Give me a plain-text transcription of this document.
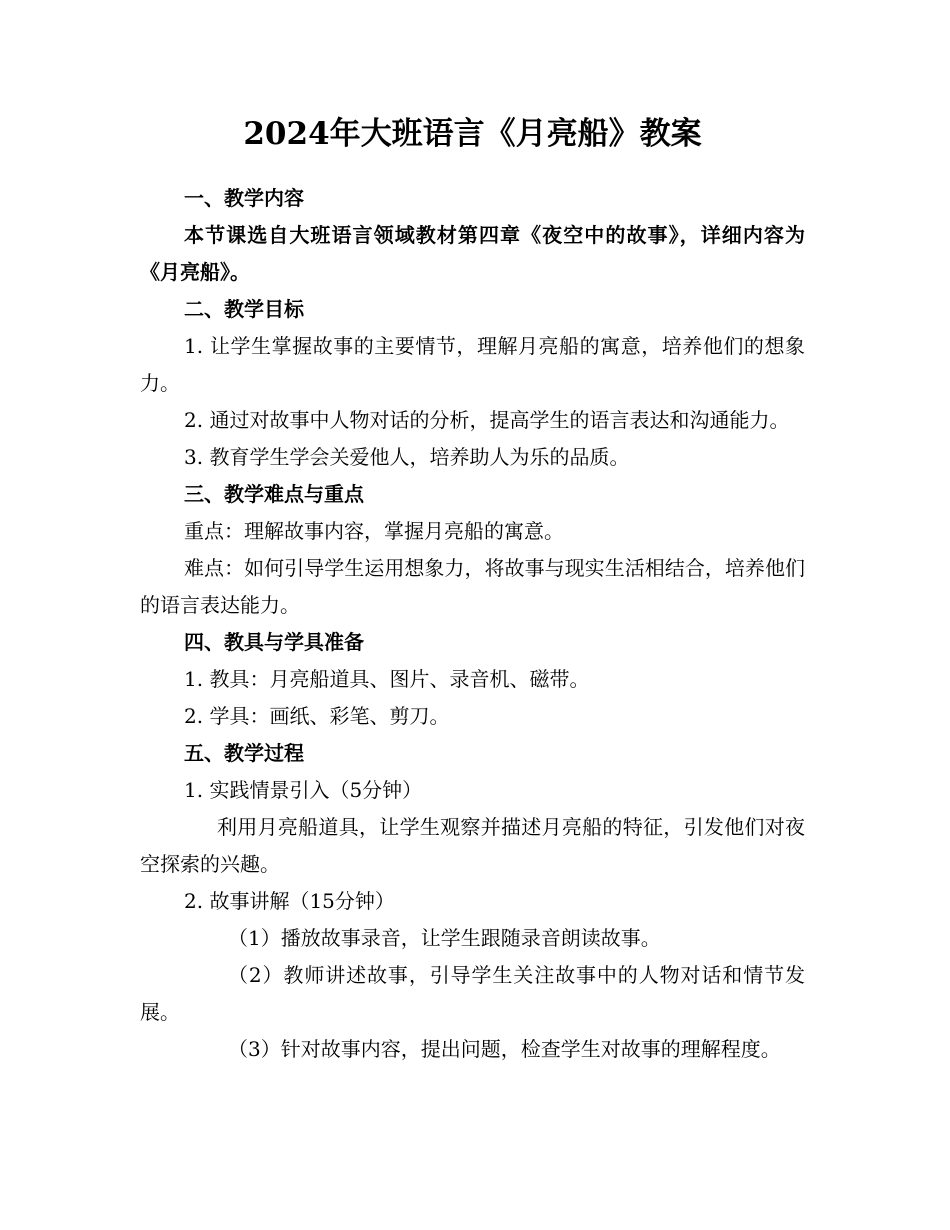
2024年大班语言《月亮船》教案

一、教学内容

本节课选自大班语言领域教材第四章《夜空中的故事》，详细内容为《月亮船》。

二、教学目标

1. 让学生掌握故事的主要情节，理解月亮船的寓意，培养他们的想象力。

2. 通过对故事中人物对话的分析，提高学生的语言表达和沟通能力。

3. 教育学生学会关爱他人，培养助人为乐的品质。

三、教学难点与重点

重点：理解故事内容，掌握月亮船的寓意。

难点：如何引导学生运用想象力，将故事与现实生活相结合，培养他们的语言表达能力。

四、教具与学具准备

1. 教具：月亮船道具、图片、录音机、磁带。

2. 学具：画纸、彩笔、剪刀。

五、教学过程

1. 实践情景引入（5分钟）

利用月亮船道具，让学生观察并描述月亮船的特征，引发他们对夜空探索的兴趣。

2. 故事讲解（15分钟）

（1）播放故事录音，让学生跟随录音朗读故事。

（2）教师讲述故事，引导学生关注故事中的人物对话和情节发展。

（3）针对故事内容，提出问题，检查学生对故事的理解程度。
